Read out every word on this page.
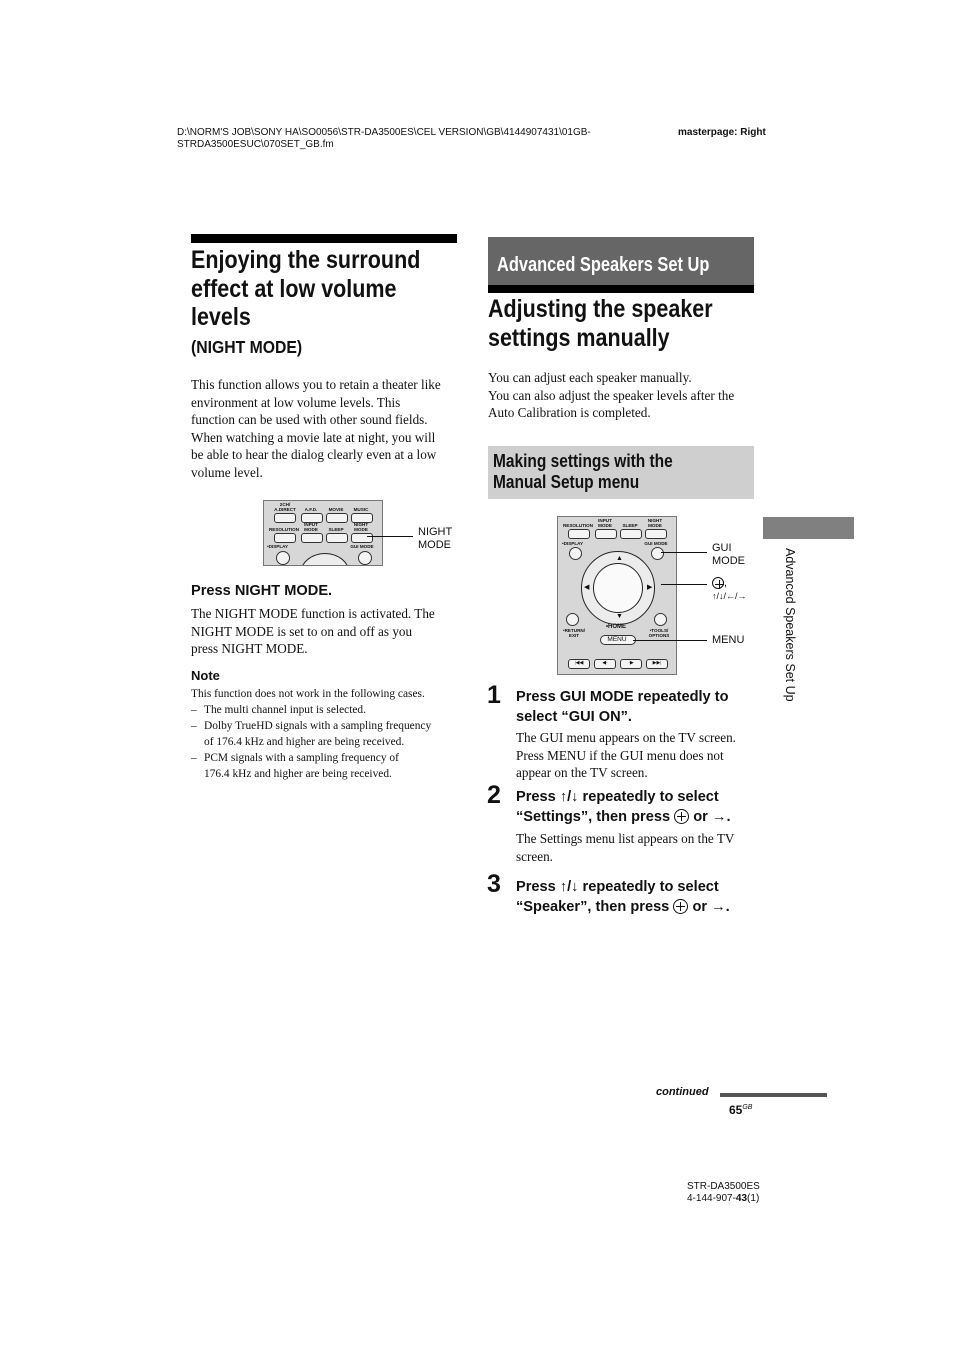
D:\NORM'S JOB\SONY HA\SO0056\STR-DA3500ES\CEL VERSION\GB\4144907431\01GB-
STRDA3500ESUC\070SET_GB.fm
masterpage: Right
Enjoying the surround
effect at low volume
levels
(NIGHT MODE)
This function allows you to retain a theater like
environment at low volume levels. This
function can be used with other sound fields.
When watching a movie late at night, you will
be able to hear the dialog clearly even at a low
volume level.
2CH/
A.DIRECT	A.F.D.	MOVIE	MUSIC
RESOLUTION
INPUT
MODE	SLEEP
NIGHT
MODE
•DISPLAY	GUI MODE
NIGHT
MODE
Press NIGHT MODE.
The NIGHT MODE function is activated. The
NIGHT MODE is set to on and off as you
press NIGHT MODE.
Note
This function does not work in the following cases.
– The multi channel input is selected.
– Dolby TrueHD signals with a sampling frequency
of 176.4 kHz and higher are being received.
– PCM signals with a sampling frequency of
176.4 kHz and higher are being received.
Advanced Speakers Set Up
Adjusting the speaker
settings manually
You can adjust each speaker manually.
You can also adjust the speaker levels after the
Auto Calibration is completed.
Making settings with the
Manual Setup menu
RESOLUTION
INPUT
MODE	SLEEP
NIGHT
MODE
•DISPLAY	GUI MODE
▲
▼
◀	▶
•RETURN/
EXIT
•HOME
•TOOLS/
OPTIONS
MENU
|◀◀	◀·	·▶	▶▶|
GUI
MODE
,
↑/↓/←/→
MENU
1 Press GUI MODE repeatedly to
select “GUI ON”.
The GUI menu appears on the TV screen.
Press MENU if the GUI menu does not
appear on the TV screen.
2 Press ↑/↓ repeatedly to select
“Settings”, then press or →.
The Settings menu list appears on the TV
screen.
3 Press ↑/↓ repeatedly to select
“Speaker”, then press or →.
Advanced Speakers Set Up
continued
$65^{GB}$
STR-DA3500ES
4-144-907-43(1)
